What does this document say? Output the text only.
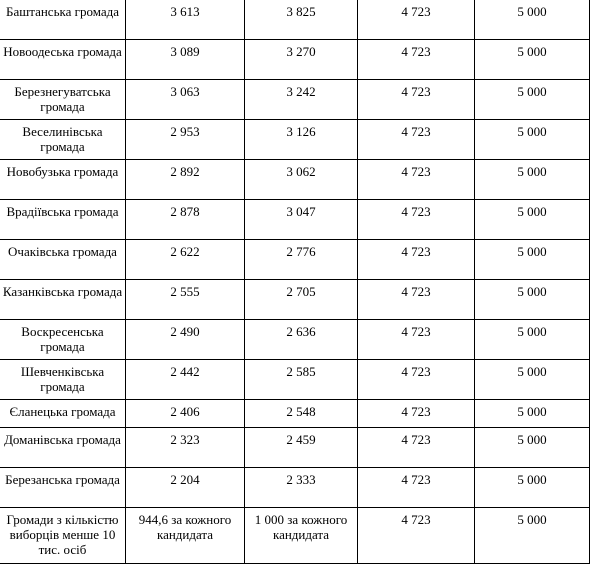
Баштанська громада	3 613	3 825	4 723	5 000
Новоодеська громада	3 089	3 270	4 723	5 000
Березнегуватська громада	3 063	3 242	4 723	5 000
Веселинівська громада	2 953	3 126	4 723	5 000
Новобузька громада	2 892	3 062	4 723	5 000
Врадіївська громада	2 878	3 047	4 723	5 000
Очаківська громада	2 622	2 776	4 723	5 000
Казанківська громада	2 555	2 705	4 723	5 000
Воскресенська громада	2 490	2 636	4 723	5 000
Шевченківська громада	2 442	2 585	4 723	5 000
Єланецька громада	2 406	2 548	4 723	5 000
Доманівська громада	2 323	2 459	4 723	5 000
Березанська громада	2 204	2 333	4 723	5 000
Громади з кількістю виборців менше 10 тис. осіб	944,6 за кожного кандидата	1 000 за кожного кандидата	4 723	5 000
